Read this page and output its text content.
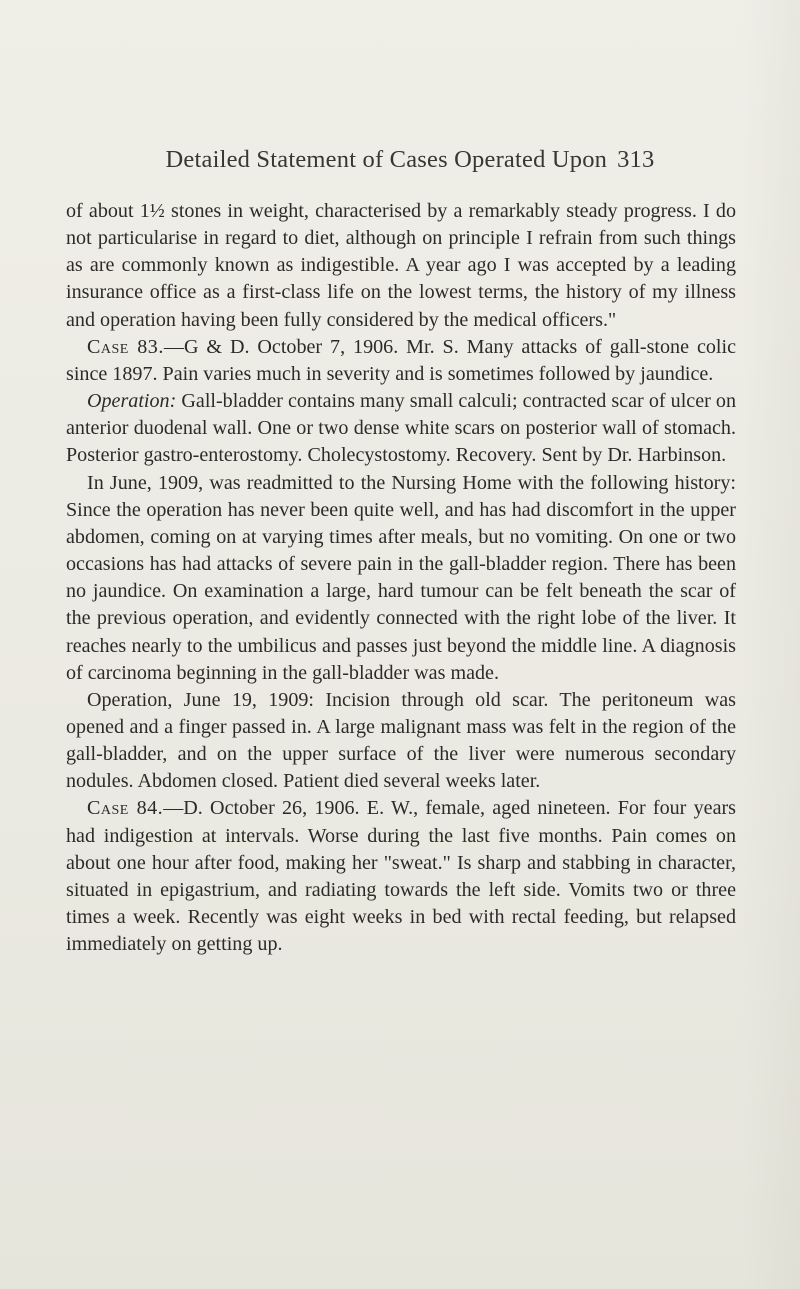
Detailed Statement of Cases Operated Upon 313

of about 1½ stones in weight, characterised by a remarkably steady progress. I do not particularise in regard to diet, although on principle I refrain from such things as are commonly known as indigestible. A year ago I was accepted by a leading insurance office as a first-class life on the lowest terms, the history of my illness and operation having been fully considered by the medical officers."

Case 83.—G & D. October 7, 1906. Mr. S. Many attacks of gall-stone colic since 1897. Pain varies much in severity and is sometimes followed by jaundice.

Operation: Gall-bladder contains many small calculi; contracted scar of ulcer on anterior duodenal wall. One or two dense white scars on posterior wall of stomach. Posterior gastro-enterostomy. Cholecystostomy. Recovery. Sent by Dr. Harbinson.

In June, 1909, was readmitted to the Nursing Home with the following history: Since the operation has never been quite well, and has had discomfort in the upper abdomen, coming on at varying times after meals, but no vomiting. On one or two occasions has had attacks of severe pain in the gall-bladder region. There has been no jaundice. On examination a large, hard tumour can be felt beneath the scar of the previous operation, and evidently connected with the right lobe of the liver. It reaches nearly to the umbilicus and passes just beyond the middle line. A diagnosis of carcinoma beginning in the gall-bladder was made.

Operation, June 19, 1909: Incision through old scar. The peritoneum was opened and a finger passed in. A large malignant mass was felt in the region of the gall-bladder, and on the upper surface of the liver were numerous secondary nodules. Abdomen closed. Patient died several weeks later.

Case 84.—D. October 26, 1906. E. W., female, aged nineteen. For four years had indigestion at intervals. Worse during the last five months. Pain comes on about one hour after food, making her "sweat." Is sharp and stabbing in character, situated in epigastrium, and radiating towards the left side. Vomits two or three times a week. Recently was eight weeks in bed with rectal feeding, but relapsed immediately on getting up.
